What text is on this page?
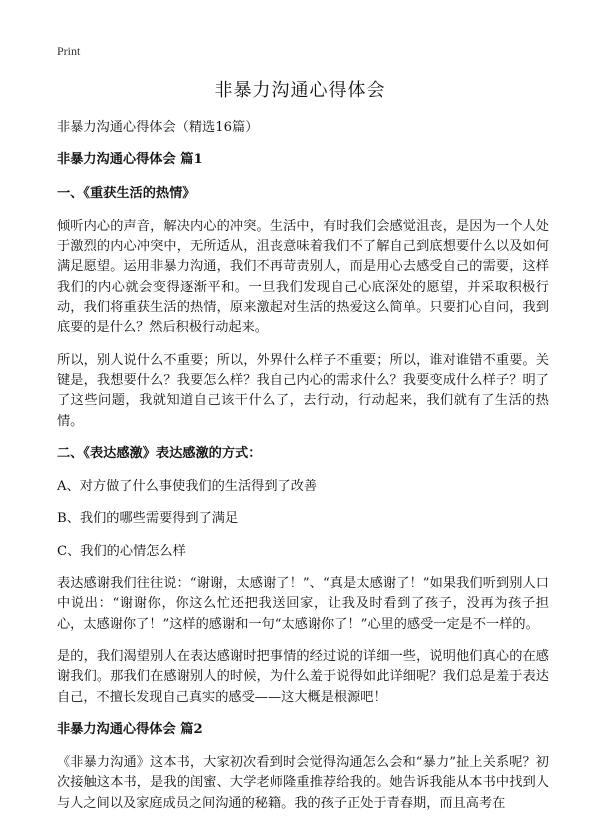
Print
非暴力沟通心得体会

非暴力沟通心得体会（精选16篇）

非暴力沟通心得体会 篇1

一、《重获生活的热情》

倾听内心的声音，解决内心的冲突。生活中，有时我们会感觉沮丧，是因为一个人处于激烈的内心冲突中，无所适从，沮丧意味着我们不了解自己到底想要什么以及如何满足愿望。运用非暴力沟通，我们不再苛责别人，而是用心去感受自己的需要，这样我们的内心就会变得逐渐平和。一旦我们发现自己心底深处的愿望，并采取积极行动，我们将重获生活的热情，原来激起对生活的热爱这么简单。只要扪心自问，我到底要的是什么？然后积极行动起来。

所以，别人说什么不重要；所以，外界什么样子不重要；所以，谁对谁错不重要。关键是，我想要什么？我要怎么样？我自己内心的需求什么？我要变成什么样子？明了了这些问题，我就知道自己该干什么了，去行动，行动起来，我们就有了生活的热情。

二、《表达感激》表达感激的方式：

A、对方做了什么事使我们的生活得到了改善

B、我们的哪些需要得到了满足

C、我们的心情怎么样

表达感谢我们往往说：“谢谢，太感谢了！”、“真是太感谢了！”如果我们听到别人口中说出：“谢谢你，你这么忙还把我送回家，让我及时看到了孩子，没再为孩子担心，太感谢你了！”这样的感谢和一句“太感谢你了！”心里的感受一定是不一样的。

是的，我们渴望别人在表达感谢时把事情的经过说的详细一些，说明他们真心的在感谢我们。那我们在感谢别人的时候，为什么羞于说得如此详细呢？我们总是羞于表达自己，不擅长发现自己真实的感受——这大概是根源吧！

非暴力沟通心得体会 篇2

《非暴力沟通》这本书，大家初次看到时会觉得沟通怎么会和“暴力”扯上关系呢？初次接触这本书，是我的闺蜜、大学老师隆重推荐给我的。她告诉我能从本书中找到人与人之间以及家庭成员之间沟通的秘籍。我的孩子正处于青春期，而且高考在
